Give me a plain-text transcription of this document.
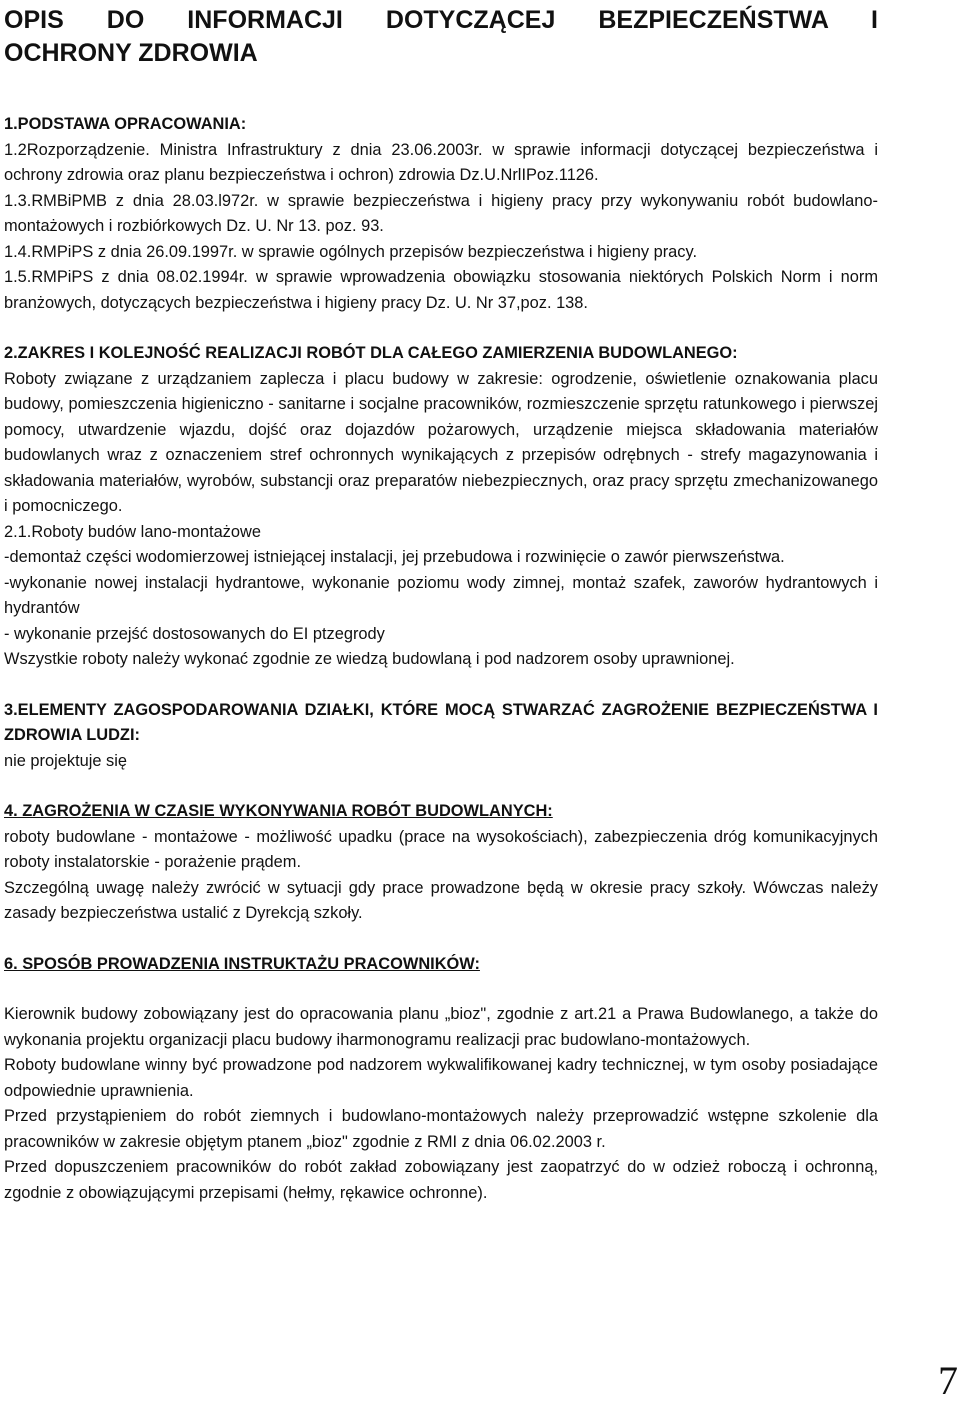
OPIS DO INFORMACJI DOTYCZĄCEJ BEZPIECZEŃSTWA I
OCHRONY ZDROWIA
1.PODSTAWA OPRACOWANIA:

1.2Rozporządzenie. Ministra Infrastruktury z dnia 23.06.2003r. w sprawie informacji dotyczącej bezpieczeństwa i ochrony zdrowia oraz planu bezpieczeństwa i ochron) zdrowia Dz.U.NrlIPoz.1126.

1.3.RMBiPMB z dnia 28.03.l972r. w sprawie bezpieczeństwa i higieny pracy przy wykonywaniu robót budowlano-montażowych i rozbiórkowych Dz. U. Nr 13. poz. 93.

1.4.RMPiPS z dnia 26.09.1997r. w sprawie ogólnych przepisów bezpieczeństwa i higieny pracy.

1.5.RMPiPS z dnia 08.02.1994r. w sprawie wprowadzenia obowiązku stosowania niektórych Polskich Norm i norm branżowych, dotyczących bezpieczeństwa i higieny pracy Dz. U. Nr 37,poz. 138.

2.ZAKRES I KOLEJNOŚĆ REALIZACJI ROBÓT DLA CAŁEGO ZAMIERZENIA BUDOWLANEGO:

Roboty związane z urządzaniem zaplecza i placu budowy w zakresie: ogrodzenie, oświetlenie oznakowania placu budowy, pomieszczenia higieniczno - sanitarne i socjalne pracowników, rozmieszczenie sprzętu ratunkowego i pierwszej pomocy, utwardzenie wjazdu, dojść oraz dojazdów pożarowych, urządzenie miejsca składowania materiałów budowlanych wraz z oznaczeniem stref ochronnych wynikających z przepisów odrębnych - strefy magazynowania i składowania materiałów, wyrobów, substancji oraz preparatów niebezpiecznych, oraz pracy sprzętu zmechanizowanego i pomocniczego.

2.1.Roboty budów lano-montażowe

-demontaż części wodomierzowej istniejącej instalacji, jej przebudowa i rozwinięcie o zawór pierwszeństwa.

-wykonanie nowej instalacji hydrantowe, wykonanie poziomu wody zimnej, montaż szafek, zaworów hydrantowych i hydrantów

- wykonanie przejść dostosowanych do EI ptzegrody

Wszystkie roboty należy wykonać zgodnie ze wiedzą budowlaną i pod nadzorem osoby uprawnionej.

3.ELEMENTY ZAGOSPODAROWANIA DZIAŁKI, KTÓRE MOCĄ STWARZAĆ ZAGROŻENIE BEZPIECZEŃSTWA I ZDROWIA LUDZI:

nie projektuje się

4. ZAGROŻENIA W CZASIE WYKONYWANIA ROBÓT BUDOWLANYCH:

roboty budowlane - montażowe - możliwość upadku (prace na wysokościach), zabezpieczenia dróg komunikacyjnych roboty instalatorskie - porażenie prądem.

Szczególną uwagę należy zwrócić w sytuacji gdy prace prowadzone będą w okresie pracy szkoły. Wówczas należy zasady bezpieczeństwa ustalić z Dyrekcją szkoły.

6. SPOSÓB PROWADZENIA INSTRUKTAŻU PRACOWNIKÓW:

Kierownik budowy zobowiązany jest do opracowania planu „bioz", zgodnie z art.21 a Prawa Budowlanego, a także do wykonania projektu organizacji placu budowy iharmonogramu realizacji prac budowlano-montażowych.

Roboty budowlane winny być prowadzone pod nadzorem wykwalifikowanej kadry technicznej, w tym osoby posiadające odpowiednie uprawnienia.

Przed przystąpieniem do robót ziemnych i budowlano-montażowych należy przeprowadzić wstępne szkolenie dla pracowników w zakresie objętym ptanem „bioz" zgodnie z RMI z dnia 06.02.2003 r.

Przed dopuszczeniem pracowników do robót zakład zobowiązany jest zaopatrzyć do w odzież roboczą i ochronną, zgodnie z obowiązującymi przepisami (hełmy, rękawice ochronne).

7
